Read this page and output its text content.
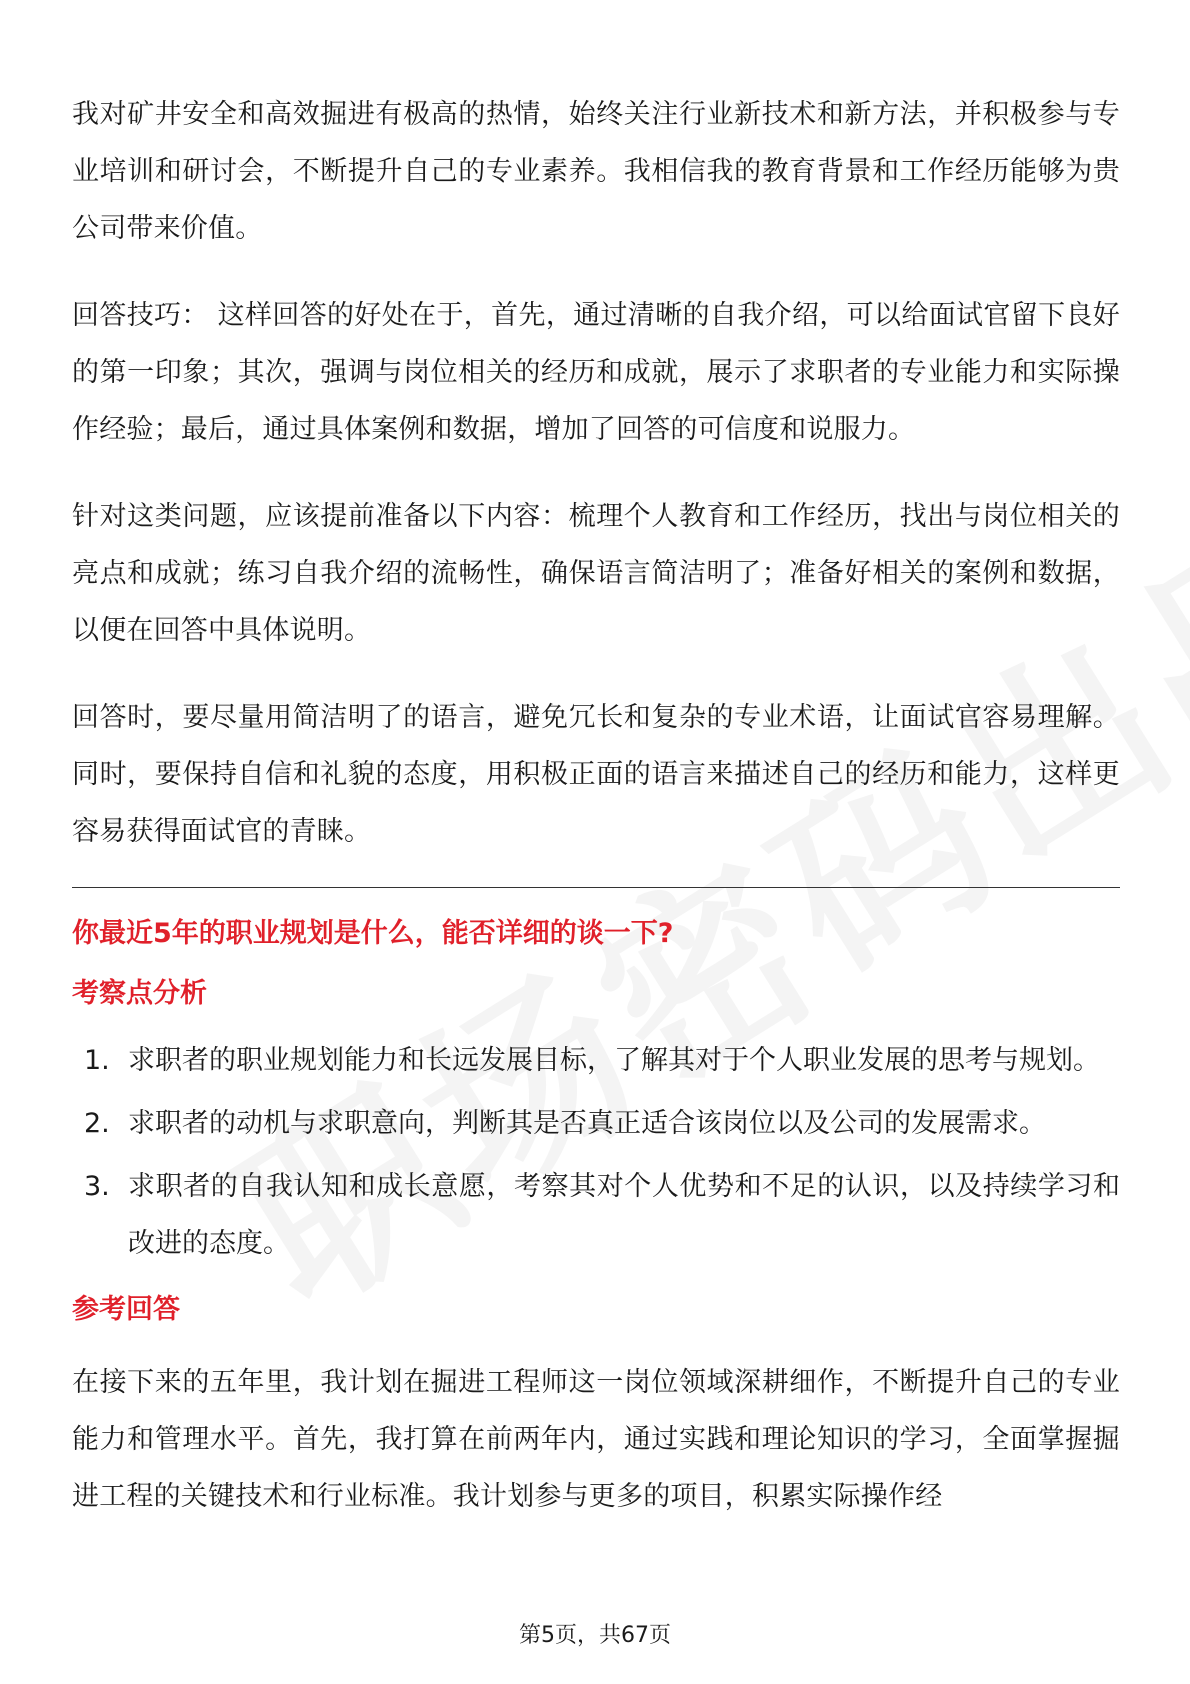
我对矿井安全和高效掘进有极高的热情，始终关注行业新技术和新方法，并积极参与专业培训和研讨会，不断提升自己的专业素养。我相信我的教育背景和工作经历能够为贵公司带来价值。

回答技巧： 这样回答的好处在于，首先，通过清晰的自我介绍，可以给面试官留下良好的第一印象；其次，强调与岗位相关的经历和成就，展示了求职者的专业能力和实际操作经验；最后，通过具体案例和数据，增加了回答的可信度和说服力。

针对这类问题，应该提前准备以下内容：梳理个人教育和工作经历，找出与岗位相关的亮点和成就；练习自我介绍的流畅性，确保语言简洁明了；准备好相关的案例和数据，以便在回答中具体说明。

回答时，要尽量用简洁明了的语言，避免冗长和复杂的专业术语，让面试官容易理解。同时，要保持自信和礼貌的态度，用积极正面的语言来描述自己的经历和能力，这样更容易获得面试官的青睐。

你最近5年的职业规划是什么，能否详细的谈一下?
考察点分析
1. 求职者的职业规划能力和长远发展目标，了解其对于个人职业发展的思考与规划。
2. 求职者的动机与求职意向，判断其是否真正适合该岗位以及公司的发展需求。
3. 求职者的自我认知和成长意愿，考察其对个人优势和不足的认识，以及持续学习和改进的态度。
参考回答

在接下来的五年里，我计划在掘进工程师这一岗位领域深耕细作，不断提升自己的专业能力和管理水平。首先，我打算在前两年内，通过实践和理论知识的学习，全面掌握掘进工程的关键技术和行业标准。我计划参与更多的项目，积累实际操作经

第5页，共67页
